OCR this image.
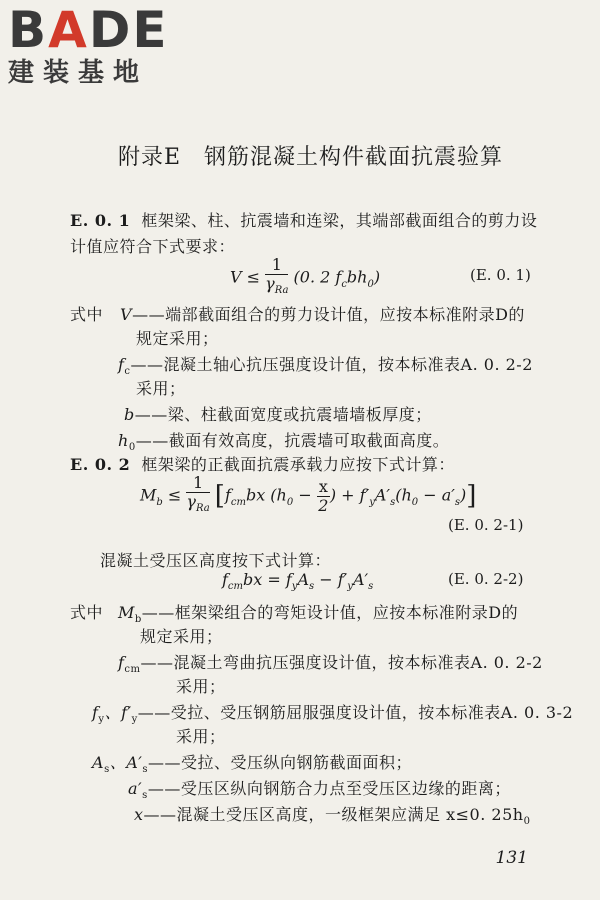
BADE
建装基地
附录E　钢筋混凝土构件截面抗震验算
E. 0. 1 框架梁、柱、抗震墙和连梁，其端部截面组合的剪力设
计值应符合下式要求：
$V \le \frac{1}{\gamma_{Ra}} (0$. 2 $f_cbh_0$)	(E. 0. 1)
式中 V——端部截面组合的剪力设计值，应按本标准附录D的
规定采用；
$f_c——$混凝土轴心抗压强度设计值，按本标准表A. 0. 2-2
采用；
b——梁、柱截面宽度或抗震墙墙板厚度；
$h_0——$截面有效高度，抗震墙可取截面高度。
E. 0. 2 框架梁的正截面抗震承载力应按下式计算：
$M_b \le \frac{1}{\gamma_{Ra}} [f_{cm}bx$ ($h_0 - \frac{x}{2}$ ) + $f'_yA'_s(h_0 - a'_s)$]
(E. 0. 2-1)
混凝土受压区高度按下式计算：
$f_{cm}bx = f_yA_s - f'_yA'_s$	(E. 0. 2-2)
式中 $M_b——$框架梁组合的弯矩设计值，应按本标准附录D的
规定采用；
$f_{cm}——$混凝土弯曲抗压强度设计值，按本标准表A. 0. 2-2
采用；
$f_y$、$f'_y——$受拉、受压钢筋屈服强度设计值，按本标准表A. 0. 3-2
采用；
$A_s$、$A'_s——$受拉、受压纵向钢筋截面面积；
$a'_s——$受压区纵向钢筋合力点至受压区边缘的距离；
x——混凝土受压区高度，一级框架应满足 x≤0. $25h_0$
131
